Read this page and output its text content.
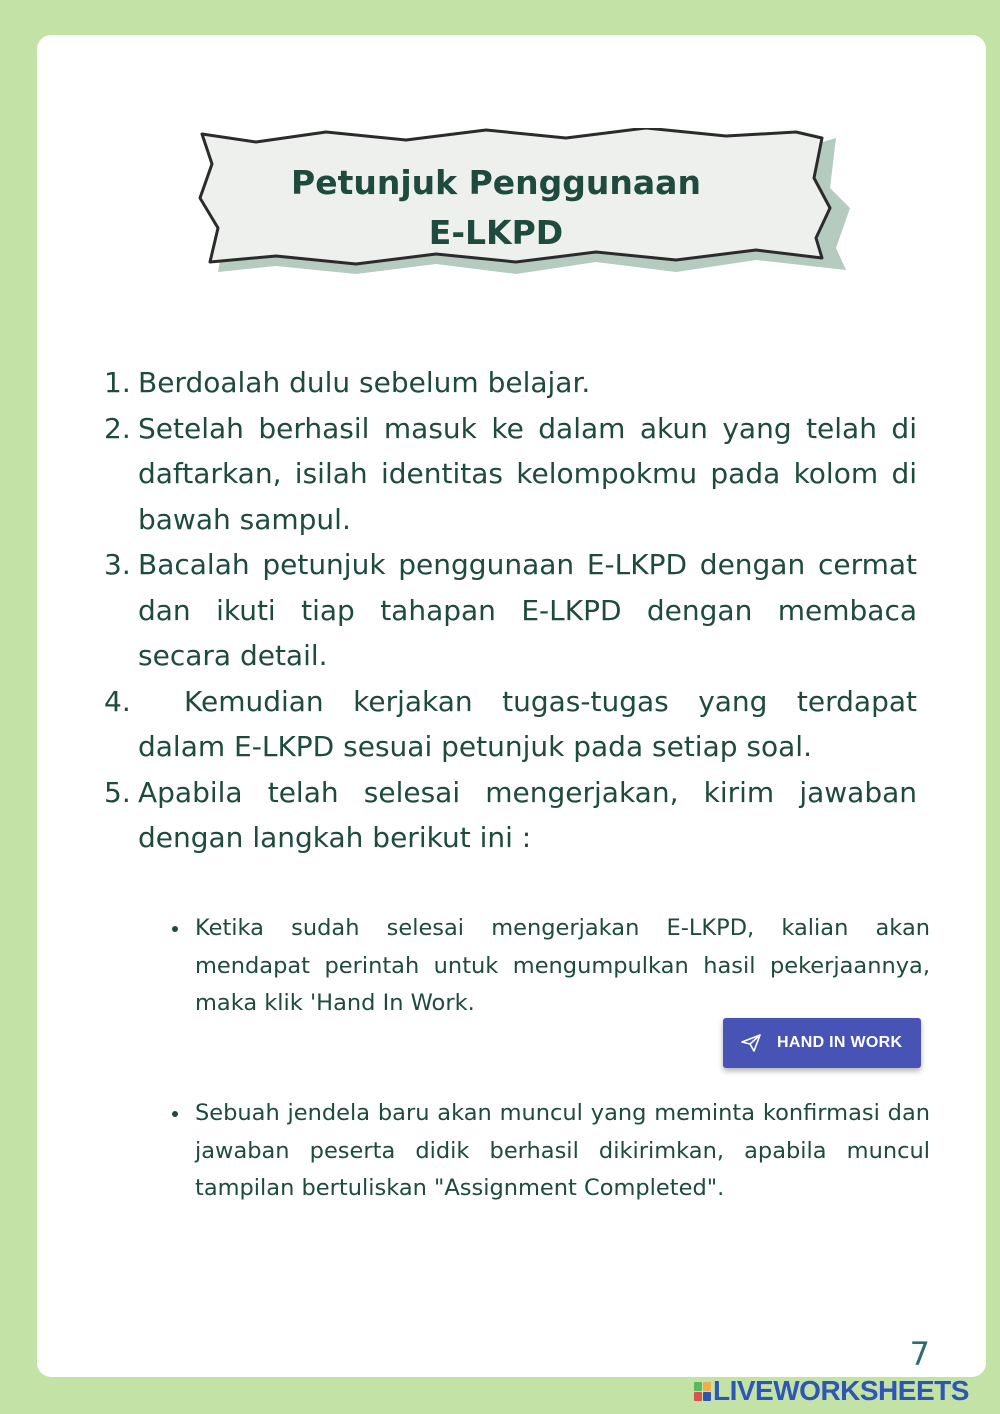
Petunjuk Penggunaan
E-LKPD
1. Berdoalah dulu sebelum belajar.
2. Setelah berhasil masuk ke dalam akun yang telah di daftarkan, isilah identitas kelompokmu pada kolom di bawah sampul.
3. Bacalah petunjuk penggunaan E-LKPD dengan cermat dan ikuti tiap tahapan E-LKPD dengan membaca secara detail.
4.	Kemudian kerjakan tugas-tugas yang terdapat dalam E-LKPD sesuai petunjuk pada setiap soal.
5. Apabila telah selesai mengerjakan, kirim jawaban dengan langkah berikut ini :
Ketika sudah selesai mengerjakan E-LKPD, kalian akan mendapat perintah untuk mengumpulkan hasil pekerjaannya, maka klik 'Hand In Work.
Sebuah jendela baru akan muncul yang meminta konfirmasi dan jawaban peserta didik berhasil dikirimkan, apabila muncul tampilan bertuliskan "Assignment Completed".
HAND IN WORK
7
LIVEWORKSHEETS
